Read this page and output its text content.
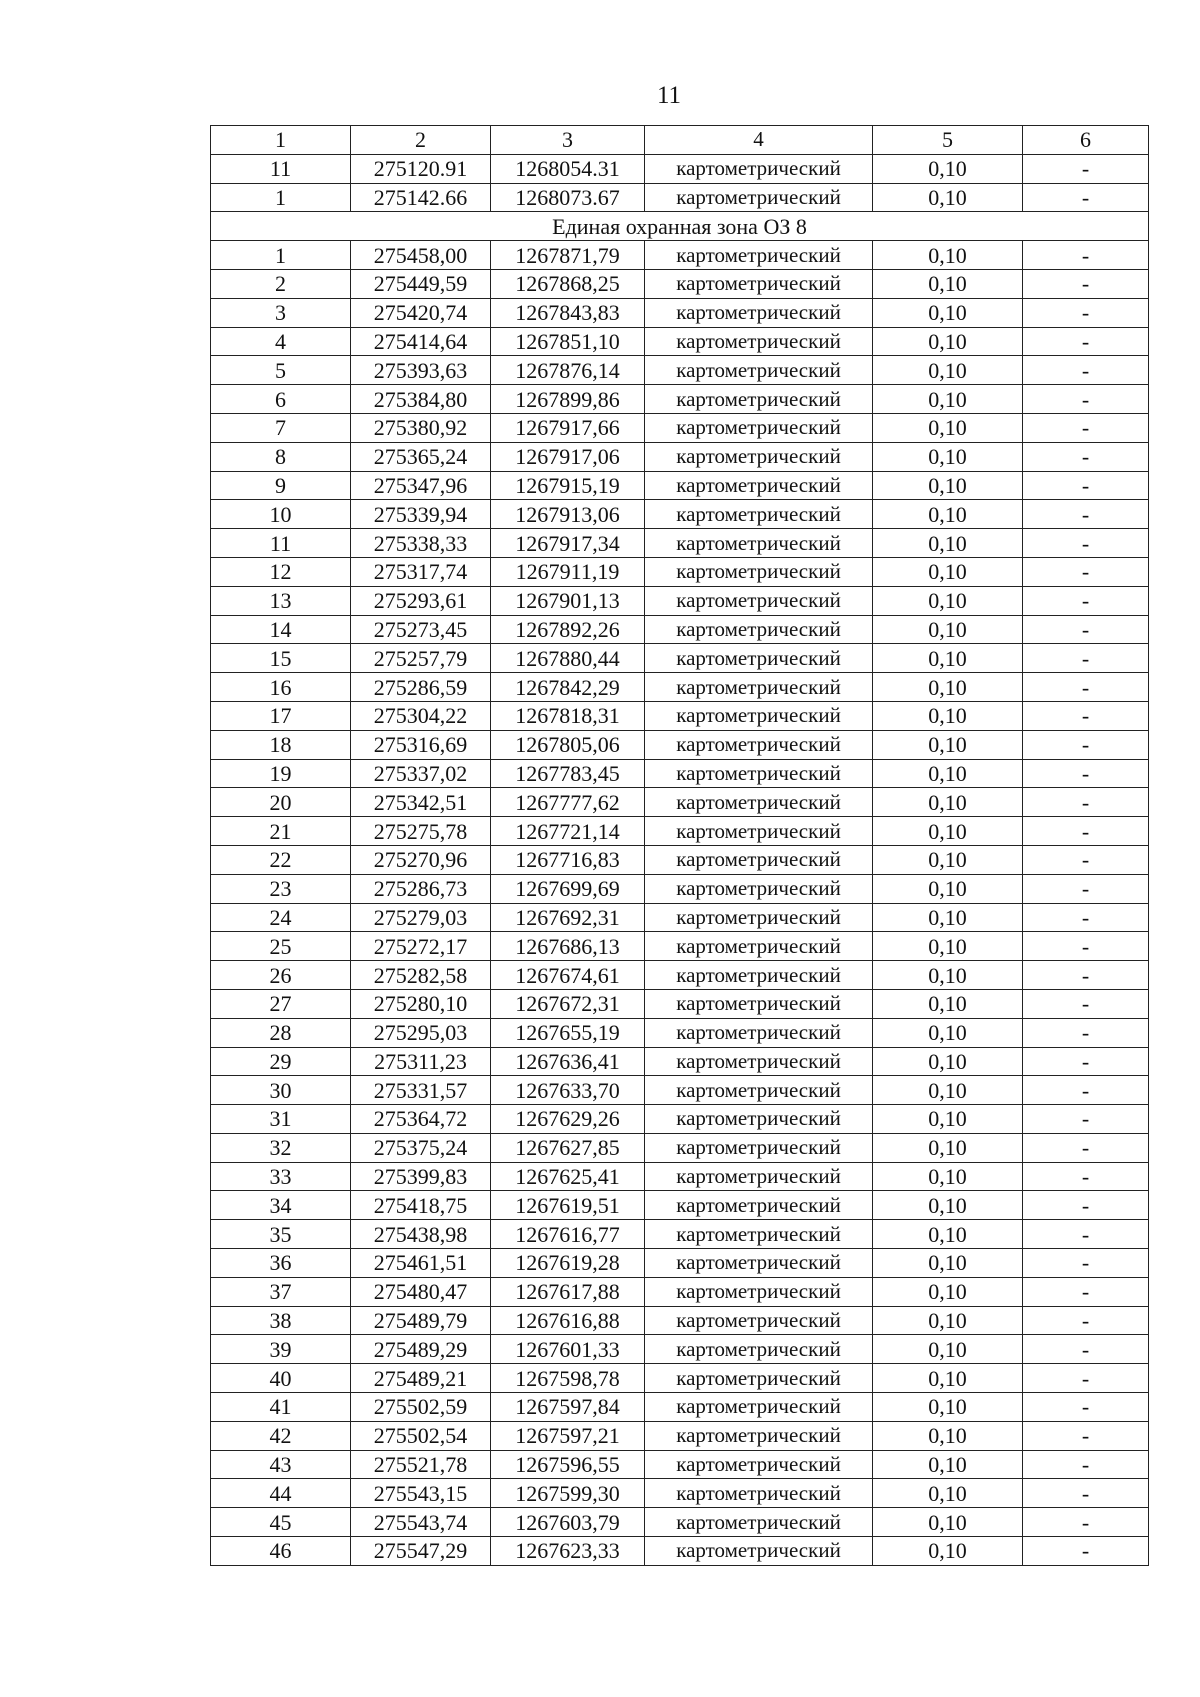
11
1	2	3	4	5	6
11	275120.91	1268054.31	картометрический	0,10	-
1	275142.66	1268073.67	картометрический	0,10	-
Единая охранная зона ОЗ 8					
1	275458,00	1267871,79	картометрический	0,10	-
2	275449,59	1267868,25	картометрический	0,10	-
3	275420,74	1267843,83	картометрический	0,10	-
4	275414,64	1267851,10	картометрический	0,10	-
5	275393,63	1267876,14	картометрический	0,10	-
6	275384,80	1267899,86	картометрический	0,10	-
7	275380,92	1267917,66	картометрический	0,10	-
8	275365,24	1267917,06	картометрический	0,10	-
9	275347,96	1267915,19	картометрический	0,10	-
10	275339,94	1267913,06	картометрический	0,10	-
11	275338,33	1267917,34	картометрический	0,10	-
12	275317,74	1267911,19	картометрический	0,10	-
13	275293,61	1267901,13	картометрический	0,10	-
14	275273,45	1267892,26	картометрический	0,10	-
15	275257,79	1267880,44	картометрический	0,10	-
16	275286,59	1267842,29	картометрический	0,10	-
17	275304,22	1267818,31	картометрический	0,10	-
18	275316,69	1267805,06	картометрический	0,10	-
19	275337,02	1267783,45	картометрический	0,10	-
20	275342,51	1267777,62	картометрический	0,10	-
21	275275,78	1267721,14	картометрический	0,10	-
22	275270,96	1267716,83	картометрический	0,10	-
23	275286,73	1267699,69	картометрический	0,10	-
24	275279,03	1267692,31	картометрический	0,10	-
25	275272,17	1267686,13	картометрический	0,10	-
26	275282,58	1267674,61	картометрический	0,10	-
27	275280,10	1267672,31	картометрический	0,10	-
28	275295,03	1267655,19	картометрический	0,10	-
29	275311,23	1267636,41	картометрический	0,10	-
30	275331,57	1267633,70	картометрический	0,10	-
31	275364,72	1267629,26	картометрический	0,10	-
32	275375,24	1267627,85	картометрический	0,10	-
33	275399,83	1267625,41	картометрический	0,10	-
34	275418,75	1267619,51	картометрический	0,10	-
35	275438,98	1267616,77	картометрический	0,10	-
36	275461,51	1267619,28	картометрический	0,10	-
37	275480,47	1267617,88	картометрический	0,10	-
38	275489,79	1267616,88	картометрический	0,10	-
39	275489,29	1267601,33	картометрический	0,10	-
40	275489,21	1267598,78	картометрический	0,10	-
41	275502,59	1267597,84	картометрический	0,10	-
42	275502,54	1267597,21	картометрический	0,10	-
43	275521,78	1267596,55	картометрический	0,10	-
44	275543,15	1267599,30	картометрический	0,10	-
45	275543,74	1267603,79	картометрический	0,10	-
46	275547,29	1267623,33	картометрический	0,10	-
